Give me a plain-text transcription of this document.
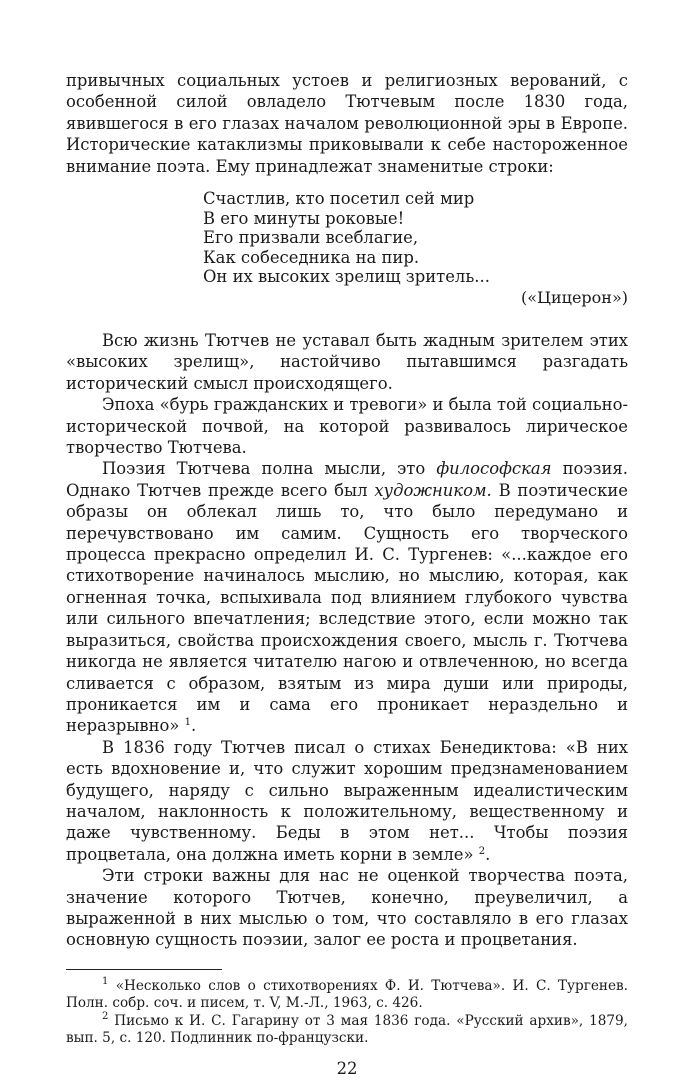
привычных социальных устоев и религиозных верований, с особенной силой овладело Тютчевым после 1830 года, явившегося в его глазах началом революционной эры в Европе. Исторические катаклизмы приковывали к себе настороженное внимание поэта. Ему принадлежат знаменитые строки:

Счастлив, кто посетил сей мир
В его минуты роковые!
Его призвали всеблагие,
Как собеседника на пир.
Он их высоких зрелищ зритель...
(«Цицерон»)

Всю жизнь Тютчев не уставал быть жадным зрителем этих «высоких зрелищ», настойчиво пытавшимся разгадать исторический смысл происходящего.

Эпоха «бурь гражданских и тревоги» и была той социально-исторической почвой, на которой развивалось лирическое творчество Тютчева.

Поэзия Тютчева полна мысли, это философская поэзия. Однако Тютчев прежде всего был художником. В поэтические образы он облекал лишь то, что было передумано и перечувствовано им самим. Сущность его творческого процесса прекрасно определил И. С. Тургенев: «...каждое его стихотворение начиналось мыслию, но мыслию, которая, как огненная точка, вспыхивала под влиянием глубокого чувства или сильного впечатления; вследствие этого, если можно так выразиться, свойства происхождения своего, мысль г. Тютчева никогда не является читателю нагою и отвлеченною, но всегда сливается с образом, взятым из мира души или природы, проникается им и сама его проникает нераздельно и неразрывно» $^1$.

В 1836 году Тютчев писал о стихах Бенедиктова: «В них есть вдохновение и, что служит хорошим предзнаменованием будущего, наряду с сильно выраженным идеалистическим началом, наклонность к положительному, вещественному и даже чувственному. Беды в этом нет... Чтобы поэзия процветала, она должна иметь корни в земле» $^2$.

Эти строки важны для нас не оценкой творчества поэта, значение которого Тютчев, конечно, преувеличил, а выраженной в них мыслью о том, что составляло в его глазах основную сущность поэзии, залог ее роста и процветания.

$^1$ «Несколько слов о стихотворениях Ф. И. Тютчева». И. С. Тургенев. Полн. собр. соч. и писем, т. V, М.-Л., 1963, с. 426.

$^2$ Письмо к И. С. Гагарину от 3 мая 1836 года. «Русский архив», 1879, вып. 5, с. 120. Подлинник по-французски.

22
